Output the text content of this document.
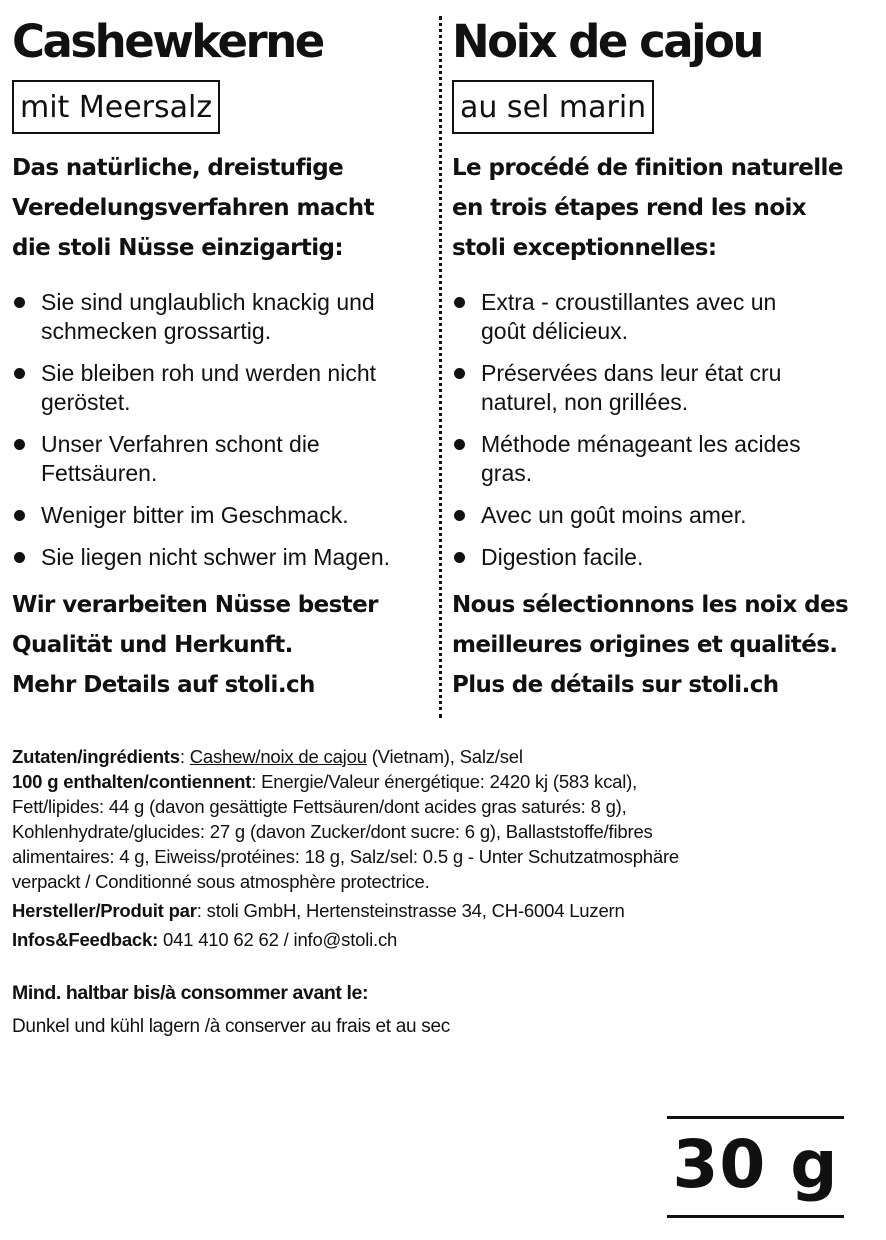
Cashewkerne
mit Meersalz
Das natürliche, dreistufige
Veredelungsverfahren macht
die stoli Nüsse einzigartig:
Sie sind unglaublich knackig und
schmecken grossartig.
Sie bleiben roh und werden nicht
geröstet.
Unser Verfahren schont die
Fettsäuren.
Weniger bitter im Geschmack.
Sie liegen nicht schwer im Magen.
Wir verarbeiten Nüsse bester
Qualität und Herkunft.
Mehr Details auf stoli.ch
Noix de cajou
au sel marin
Le procédé de finition naturelle
en trois étapes rend les noix
stoli exceptionnelles:
Extra - croustillantes avec un
goût délicieux.
Préservées dans leur état cru
naturel, non grillées.
Méthode ménageant les acides
gras.
Avec un goût moins amer.
Digestion facile.
Nous sélectionnons les noix des
meilleures origines et qualités.
Plus de détails sur stoli.ch
Zutaten/ingrédients: Cashew/noix de cajou (Vietnam), Salz/sel
100 g enthalten/contiennent: Energie/Valeur énergétique: 2420 kj (583 kcal),
Fett/lipides: 44 g (davon gesättigte Fettsäuren/dont acides gras saturés: 8 g),
Kohlenhydrate/glucides: 27 g (davon Zucker/dont sucre: 6 g), Ballaststoffe/fibres
alimentaires: 4 g, Eiweiss/protéines: 18 g, Salz/sel: 0.5 g - Unter Schutzatmosphäre
verpackt / Conditionné sous atmosphère protectrice.
Hersteller/Produit par: stoli GmbH, Hertensteinstrasse 34, CH-6004 Luzern
Infos&Feedback: 041 410 62 62 / info@stoli.ch
Mind. haltbar bis/à consommer avant le:
Dunkel und kühl lagern /à conserver au frais et au sec
30 g
